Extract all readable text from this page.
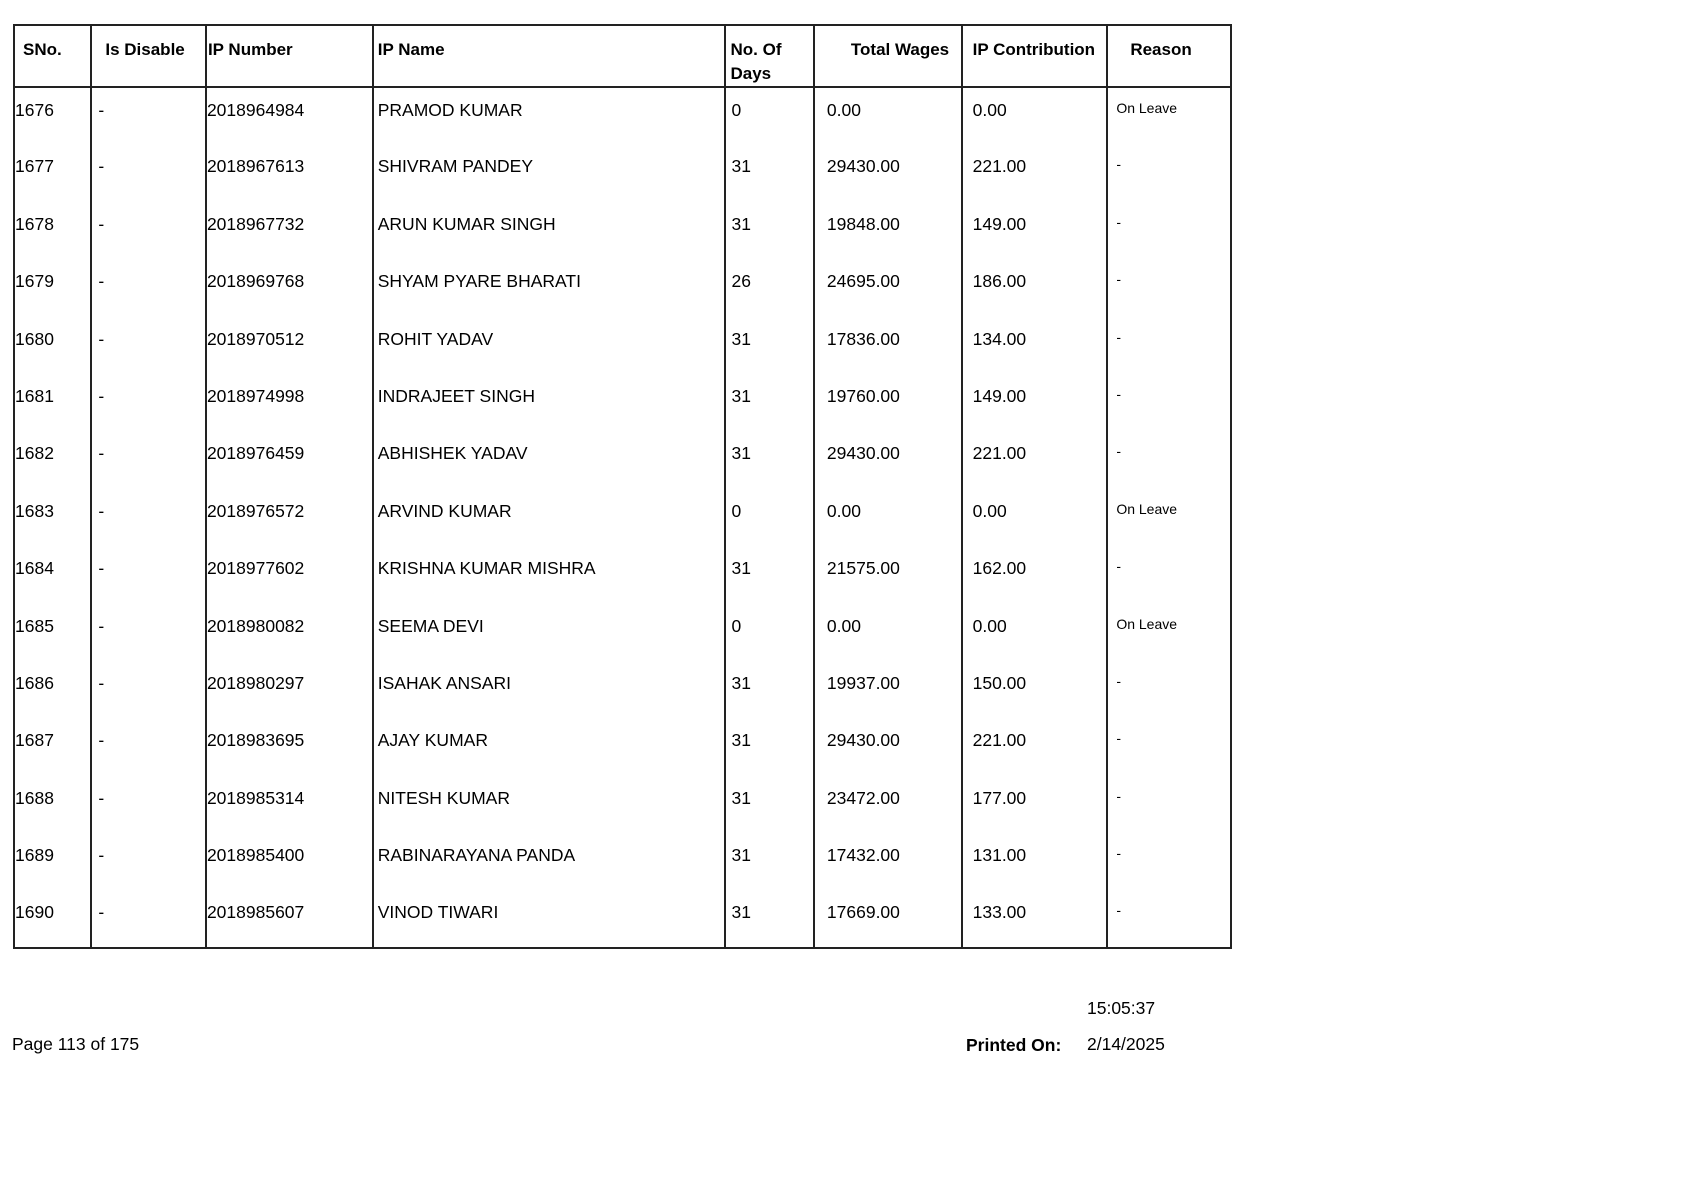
SNo.	Is Disable	IP Number	IP Name	No. Of Days	Total Wages	IP Contribution	Reason
1676	-	2018964984	PRAMOD KUMAR	0	0.00	0.00	On Leave
1677	-	2018967613	SHIVRAM PANDEY	31	29430.00	221.00	-
1678	-	2018967732	ARUN KUMAR SINGH	31	19848.00	149.00	-
1679	-	2018969768	SHYAM PYARE BHARATI	26	24695.00	186.00	-
1680	-	2018970512	ROHIT YADAV	31	17836.00	134.00	-
1681	-	2018974998	INDRAJEET SINGH	31	19760.00	149.00	-
1682	-	2018976459	ABHISHEK YADAV	31	29430.00	221.00	-
1683	-	2018976572	ARVIND KUMAR	0	0.00	0.00	On Leave
1684	-	2018977602	KRISHNA KUMAR MISHRA	31	21575.00	162.00	-
1685	-	2018980082	SEEMA DEVI	0	0.00	0.00	On Leave
1686	-	2018980297	ISAHAK ANSARI	31	19937.00	150.00	-
1687	-	2018983695	AJAY KUMAR	31	29430.00	221.00	-
1688	-	2018985314	NITESH KUMAR	31	23472.00	177.00	-
1689	-	2018985400	RABINARAYANA PANDA	31	17432.00	131.00	-
1690	-	2018985607	VINOD TIWARI	31	17669.00	133.00	-
Page 113 of 175	Printed On:
15:05:37
2/14/2025
